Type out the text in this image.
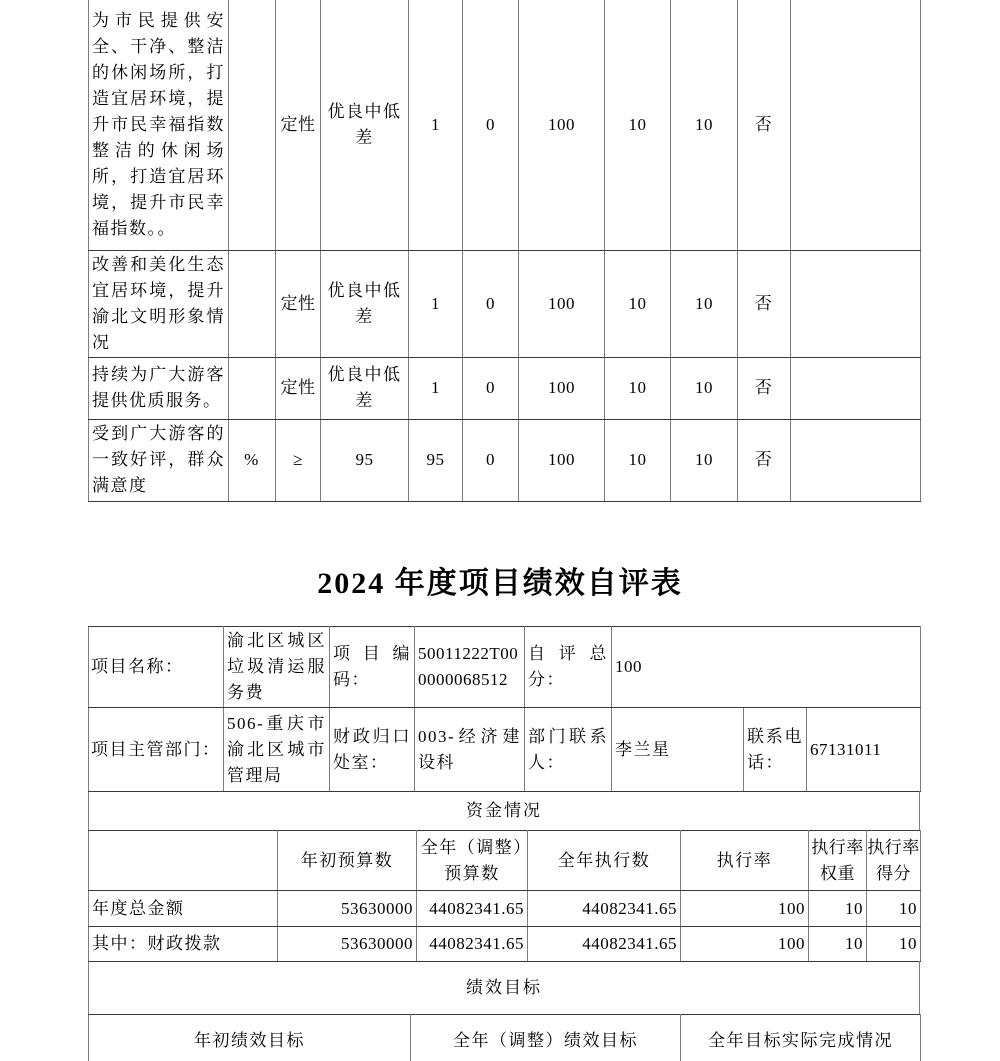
为市民提供安全、干净、整洁的休闲场所，打造宜居环境，提升市民幸福指数整洁的休闲场所，打造宜居环境，提升市民幸福指数。。		定性	优良中低差	1	0	100	10	10	否	
改善和美化生态宜居环境，提升渝北文明形象情况		定性	优良中低差	1	0	100	10	10	否	
持续为广大游客提供优质服务。		定性	优良中低差	1	0	100	10	10	否	
受到广大游客的一致好评，群众满意度	%	≥	95	95	0	100	10	10	否	
2024 年度项目绩效自评表
项目名称：	渝北区城区垃圾清运服务费	项目编码：	50011222T000000068512	自评总分：	100		
项目主管部门：	506-重庆市渝北区城市管理局	财政归口处室：	003-经济建设科	部门联系人：	李兰星	联系电话：	67131011
资金情况
	年初预算数	全年（调整）预算数	全年执行数	执行率	执行率权重	执行率得分
年度总金额	53630000	44082341.65	44082341.65	100	10	10
其中：财政拨款	53630000	44082341.65	44082341.65	100	10	10
绩效目标
年初绩效目标	全年（调整）绩效目标	全年目标实际完成情况
